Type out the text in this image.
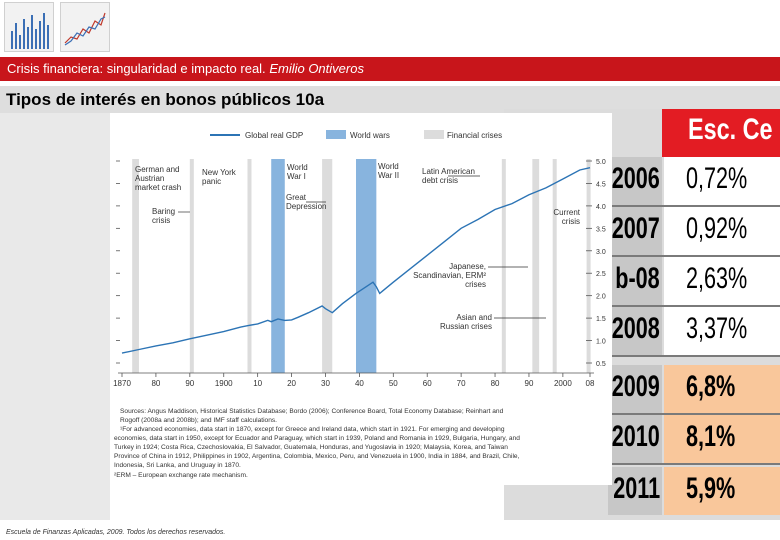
Crisis financiera: singularidad e impacto real. Emilio Ontiveros
Tipos de interés en bonos públicos 10a
Esc. Ce
2006 0,72%
2007 0,92%
b-08 2,63%
2008 3,37%
2009 6,8%
2010 8,1%
2011 5,9%
Global real GDP	World wars	Financial crises
1870	80	90	1900	10	20	30	40	50	60	70	80	90	2000 08
0.5
1.0
1.5
2.0
2.5
3.0
3.5
4.0
4.5
5.0
German and Austrian market crash
New York panic
World War I
Great Depression
World War II	Latin American debt crisis
Baring crisis
Current crisis
Japanese, Scandinavian, ERM² crises
Asian and Russian crises
Sources: Angus Maddison, Historical Statistics Database; Bordo (2006); Conference Board, Total Economy Database; Reinhart and
Rogoff (2008a and 2008b); and IMF staff calculations.
¹For advanced economies, data start in 1870, except for Greece and Ireland data, which start in 1921. For emerging and developing
economies, data start in 1950, except for Ecuador and Paraguay, which start in 1939, Poland and Romania in 1929, Bulgaria, Hungary, and
Turkey in 1924; Costa Rica, Czechoslovakia, El Salvador, Guatemala, Honduras, and Yugoslavia in 1920; Malaysia, Korea, and Taiwan
Province of China in 1912, Philippines in 1902, Argentina, Colombia, Mexico, Peru, and Venezuela in 1900, India in 1884, and Brazil, Chile,
Indonesia, Sri Lanka, and Uruguay in 1870.
²ERM – European exchange rate mechanism.
Escuela de Finanzas Aplicadas, 2009. Todos los derechos reservados.
